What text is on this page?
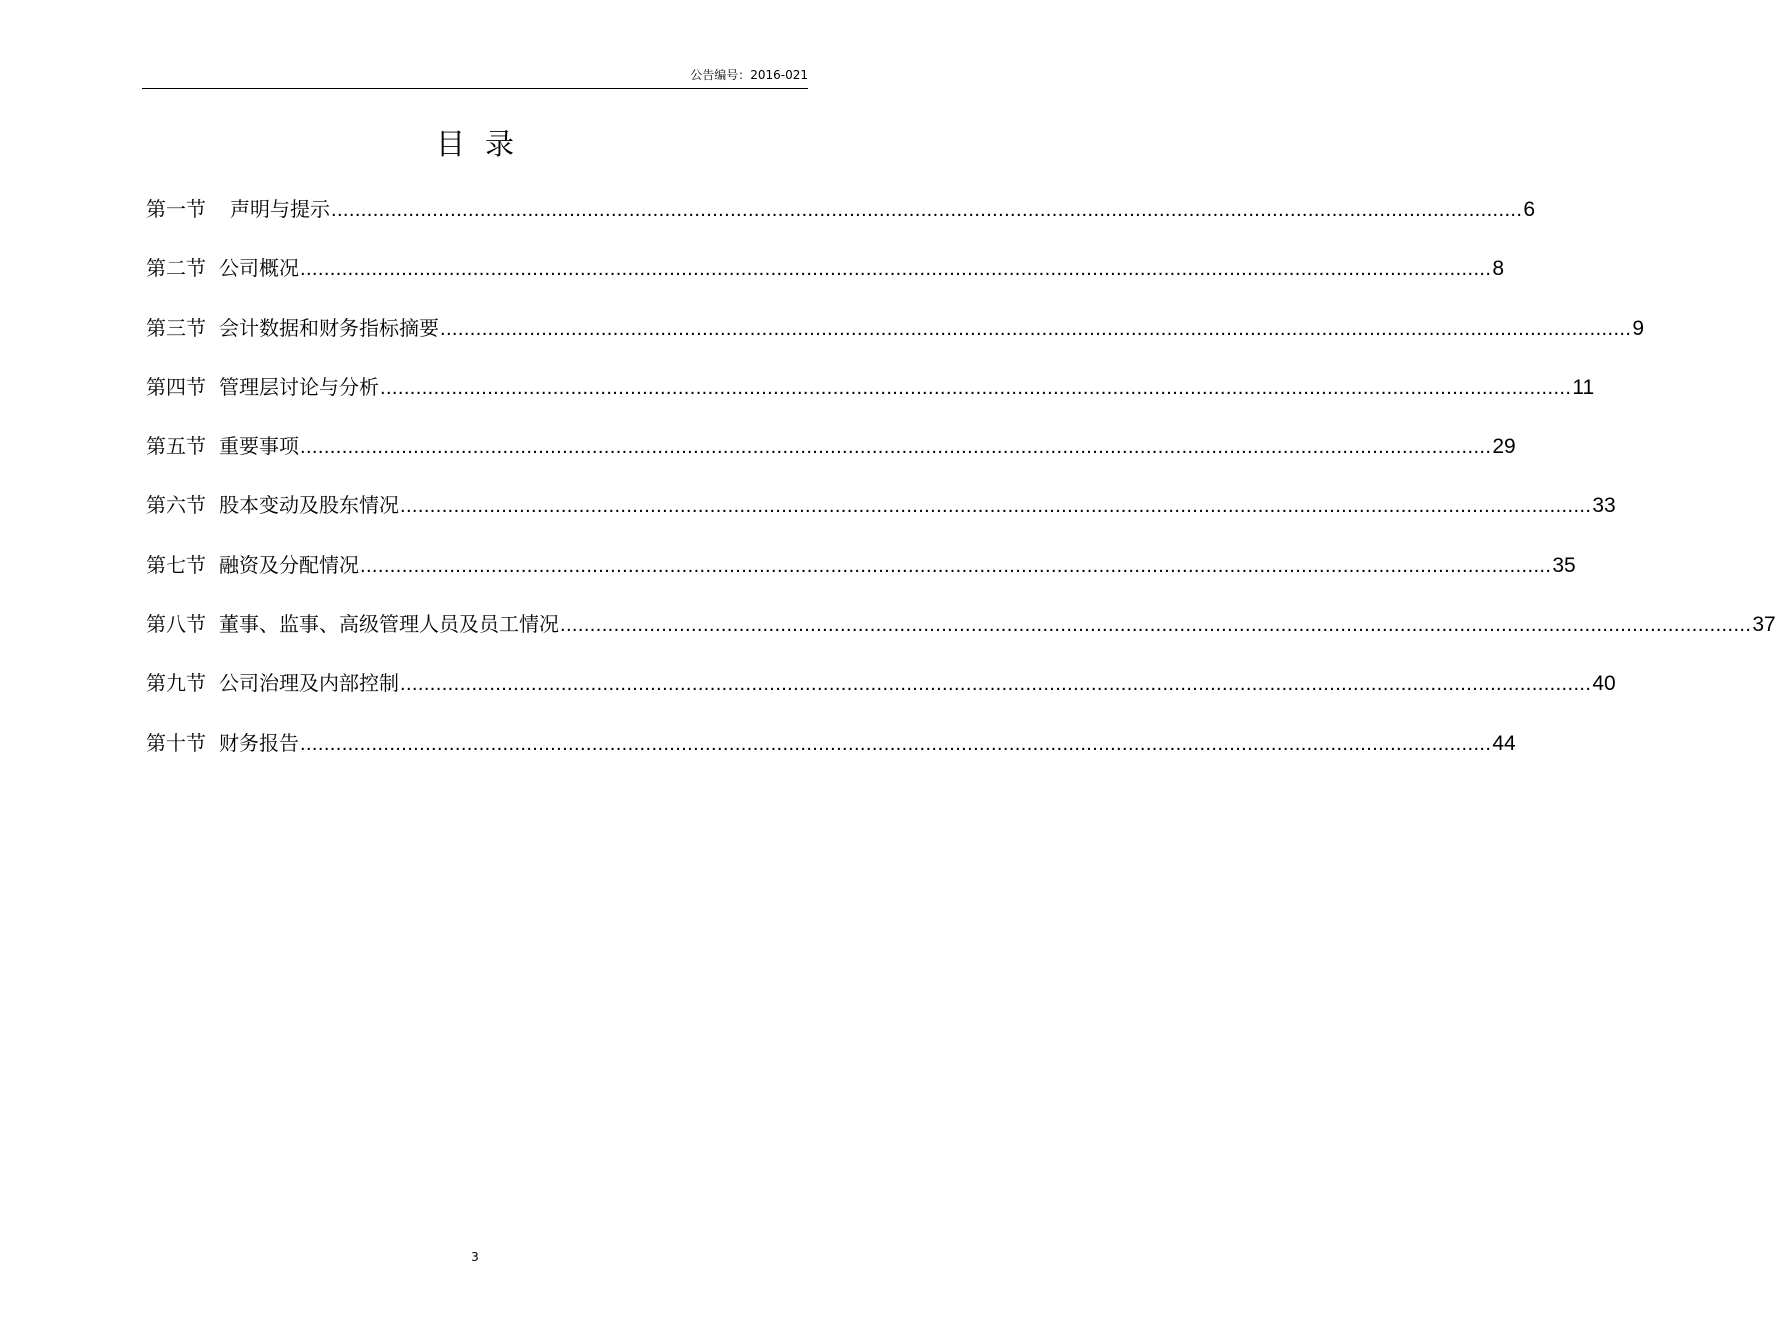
公告编号：2016-021
目录
第一节 声明与提示 ........................................................................................................................................................................................................ 6
第二节 公司概况 ........................................................................................................................................................................................................ 8
第三节 会计数据和财务指标摘要 ........................................................................................................................................................................................................ 9
第四节 管理层讨论与分析 ........................................................................................................................................................................................................ 11
第五节 重要事项 ........................................................................................................................................................................................................ 29
第六节 股本变动及股东情况 ........................................................................................................................................................................................................ 33
第七节 融资及分配情况 ........................................................................................................................................................................................................ 35
第八节 董事、监事、高级管理人员及员工情况 ........................................................................................................................................................................................................ 37
第九节 公司治理及内部控制 ........................................................................................................................................................................................................ 40
第十节 财务报告 ........................................................................................................................................................................................................ 44
3
